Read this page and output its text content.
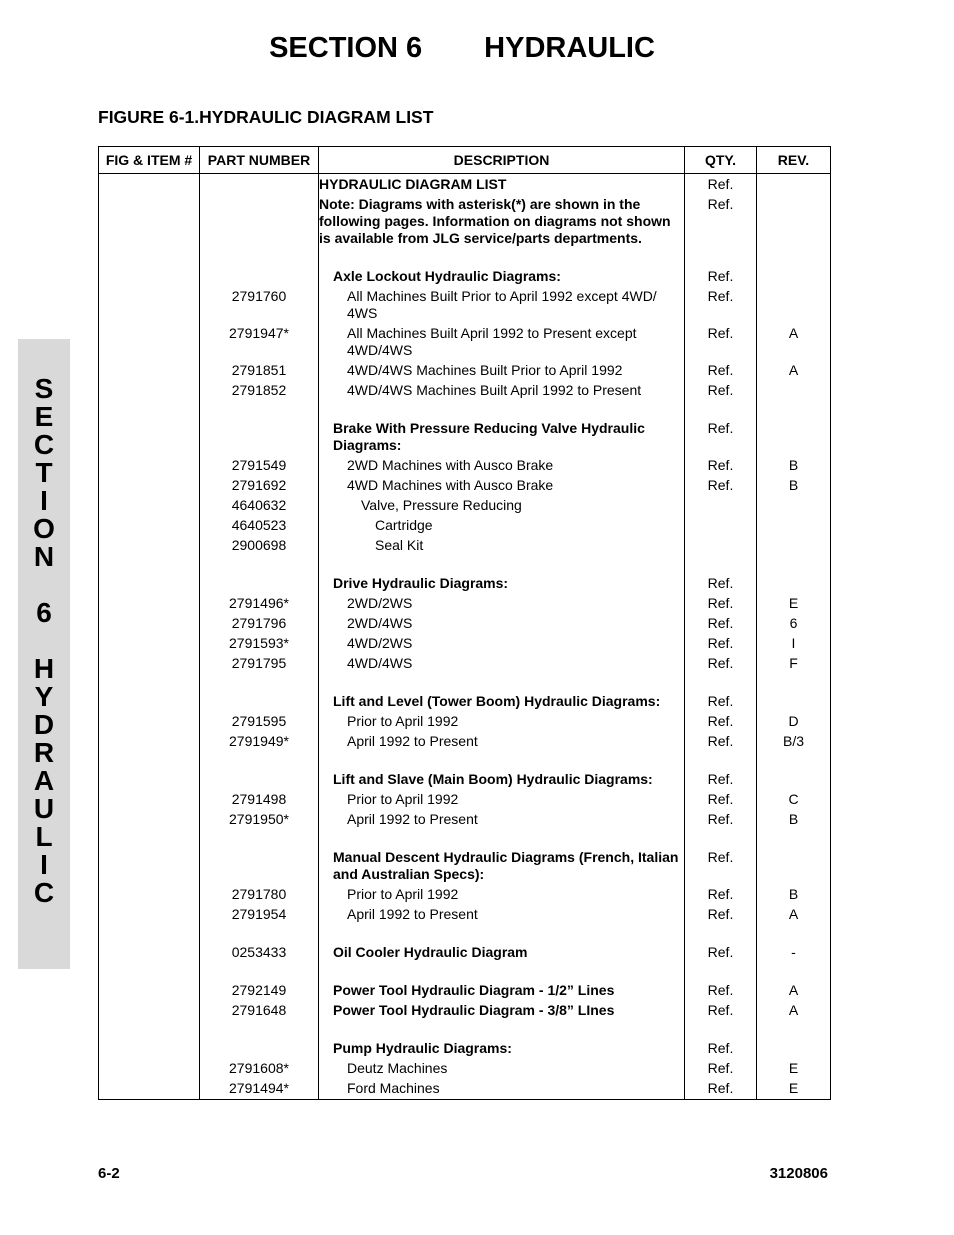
SECTION 6 HYDRAULIC
FIGURE 6-1.HYDRAULIC DIAGRAM LIST
S
E
C
T
I
O
N
6
H
Y
D
R
A
U
L
I
C
FIG & ITEM #	PART NUMBER	DESCRIPTION	QTY.	REV.
		HYDRAULIC DIAGRAM LIST	Ref.	
		Note: Diagrams with asterisk(*) are shown in the following pages. Information on diagrams not shown is available from JLG service/parts departments.	Ref.	

		Axle Lockout Hydraulic Diagrams:	Ref.	
	2791760	All Machines Built Prior to April 1992 except 4WD/ 4WS	Ref.	
	2791947*	All Machines Built April 1992 to Present except 4WD/4WS	Ref.	A
	2791851	4WD/4WS Machines Built Prior to April 1992	Ref.	A
	2791852	4WD/4WS Machines Built April 1992 to Present	Ref.	

		Brake With Pressure Reducing Valve Hydraulic Diagrams:	Ref.	
	2791549	2WD Machines with Ausco Brake	Ref.	B
	2791692	4WD Machines with Ausco Brake	Ref.	B
	4640632	Valve, Pressure Reducing		
	4640523	Cartridge		
	2900698	Seal Kit		

		Drive Hydraulic Diagrams:	Ref.	
	2791496*	2WD/2WS	Ref.	E
	2791796	2WD/4WS	Ref.	6
	2791593*	4WD/2WS	Ref.	I
	2791795	4WD/4WS	Ref.	F

		Lift and Level (Tower Boom) Hydraulic Diagrams:	Ref.	
	2791595	Prior to April 1992	Ref.	D
	2791949*	April 1992 to Present	Ref.	B/3

		Lift and Slave (Main Boom) Hydraulic Diagrams:	Ref.	
	2791498	Prior to April 1992	Ref.	C
	2791950*	April 1992 to Present	Ref.	B

		Manual Descent Hydraulic Diagrams (French, Italian and Australian Specs):	Ref.	
	2791780	Prior to April 1992	Ref.	B
	2791954	April 1992 to Present	Ref.	A

	0253433	Oil Cooler Hydraulic Diagram	Ref.	-

	2792149	Power Tool Hydraulic Diagram - 1/2” Lines	Ref.	A
	2791648	Power Tool Hydraulic Diagram - 3/8” LInes	Ref.	A

		Pump Hydraulic Diagrams:	Ref.	
	2791608*	Deutz Machines	Ref.	E
	2791494*	Ford Machines	Ref.	E
6-2	3120806
